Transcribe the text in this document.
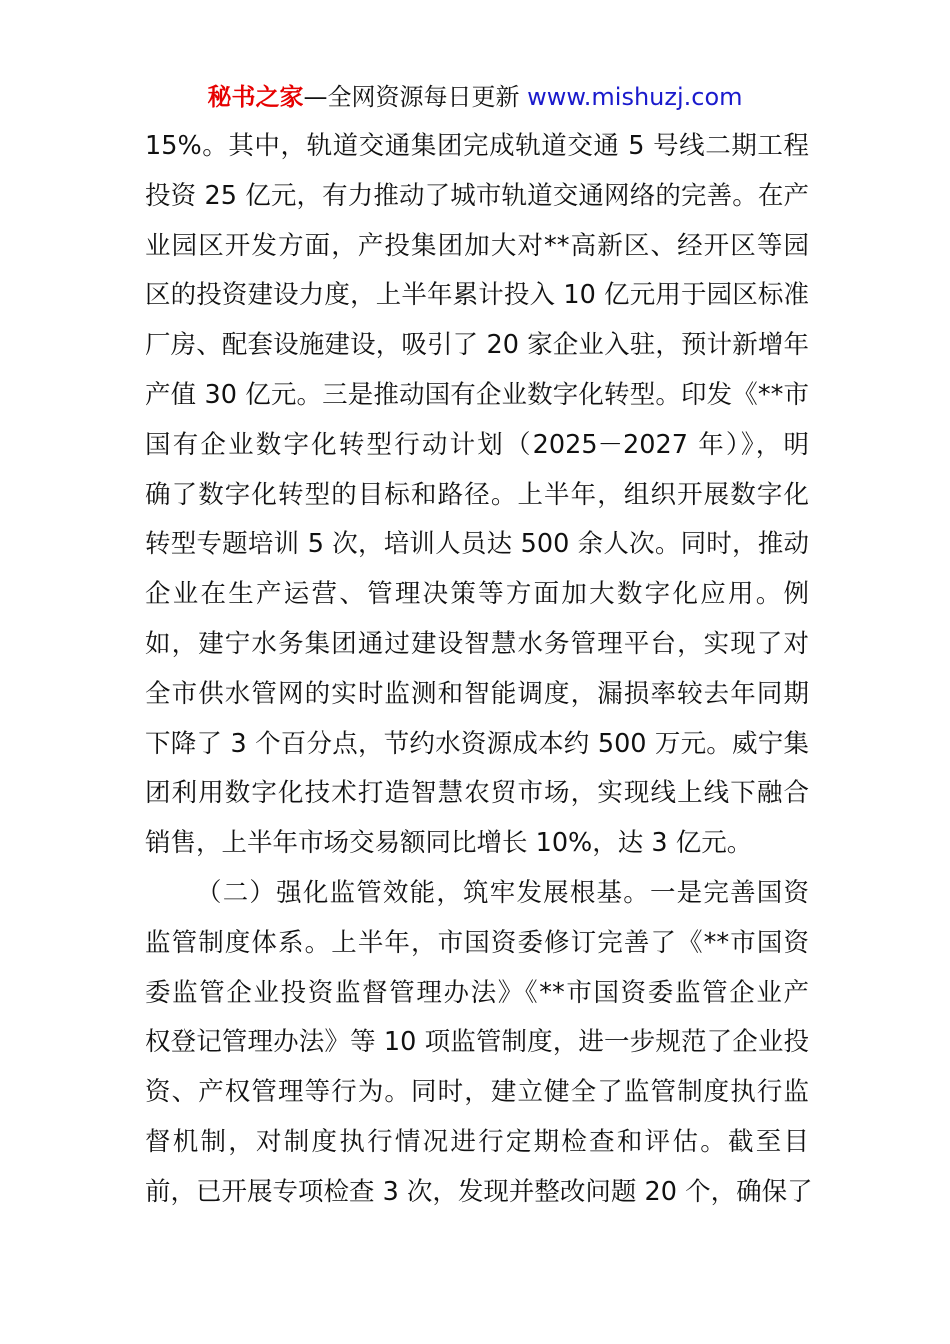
秘书之家—全网资源每日更新 www.mishuzj.com
15%。其中，轨道交通集团完成轨道交通 5 号线二期工程
投资 25 亿元，有力推动了城市轨道交通网络的完善。在产
业园区开发方面，产投集团加大对**高新区、经开区等园
区的投资建设力度，上半年累计投入 10 亿元用于园区标准
厂房、配套设施建设，吸引了 20 家企业入驻，预计新增年
产值 30 亿元。三是推动国有企业数字化转型。印发《**市
国有企业数字化转型行动计划（2025－2027 年）》，明
确了数字化转型的目标和路径。上半年，组织开展数字化
转型专题培训 5 次，培训人员达 500 余人次。同时，推动
企业在生产运营、管理决策等方面加大数字化应用。例
如，建宁水务集团通过建设智慧水务管理平台，实现了对
全市供水管网的实时监测和智能调度，漏损率较去年同期
下降了 3 个百分点，节约水资源成本约 500 万元。威宁集
团利用数字化技术打造智慧农贸市场，实现线上线下融合
销售，上半年市场交易额同比增长 10%，达 3 亿元。
（二）强化监管效能，筑牢发展根基。一是完善国资
监管制度体系。上半年，市国资委修订完善了《**市国资
委监管企业投资监督管理办法》《**市国资委监管企业产
权登记管理办法》等 10 项监管制度，进一步规范了企业投
资、产权管理等行为。同时，建立健全了监管制度执行监
督机制，对制度执行情况进行定期检查和评估。截至目
前，已开展专项检查 3 次，发现并整改问题 20 个，确保了
